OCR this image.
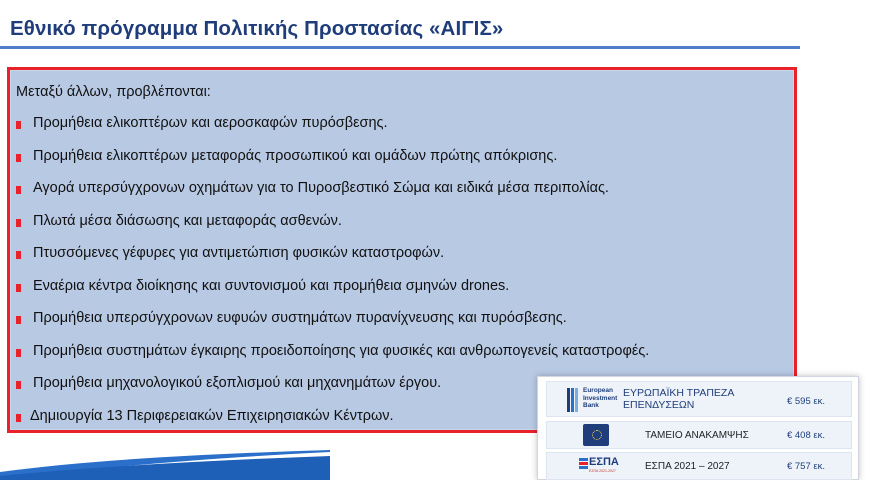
Εθνικό πρόγραμμα Πολιτικής Προστασίας «ΑΙΓΙΣ»
Μεταξύ άλλων, προβλέπονται:
Προμήθεια ελικοπτέρων και αεροσκαφών πυρόσβεσης.
Προμήθεια ελικοπτέρων μεταφοράς προσωπικού και ομάδων πρώτης απόκρισης.
Αγορά υπερσύγχρονων οχημάτων για το Πυροσβεστικό Σώμα και ειδικά μέσα περιπολίας.
Πλωτά μέσα διάσωσης και μεταφοράς ασθενών.
Πτυσσόμενες γέφυρες για αντιμετώπιση φυσικών καταστροφών.
Εναέρια κέντρα διοίκησης και συντονισμού και προμήθεια σμηνών drones.
Προμήθεια υπερσύγχρονων ευφυών συστημάτων πυρανίχνευσης και πυρόσβεσης.
Προμήθεια συστημάτων έγκαιρης προειδοποίησης για φυσικές και ανθρωπογενείς καταστροφές.
Προμήθεια μηχανολογικού εξοπλισμού και μηχανημάτων έργου.
Δημιουργία 13 Περιφερειακών Επιχειρησιακών Κέντρων.
European
Investment
Bank
ΕΥΡΩΠΑΪΚΗ ΤΡΑΠΕΖΑ
ΕΠΕΝΔΥΣΕΩΝ	€ 595 εκ.
ΤΑΜΕΙΟ ΑΝΑΚΑΜΨΗΣ	€ 408 εκ.
ΕΣΠΑ
ΕΣΠΑ 2021-2027	ΕΣΠΑ 2021 – 2027	€ 757 εκ.
